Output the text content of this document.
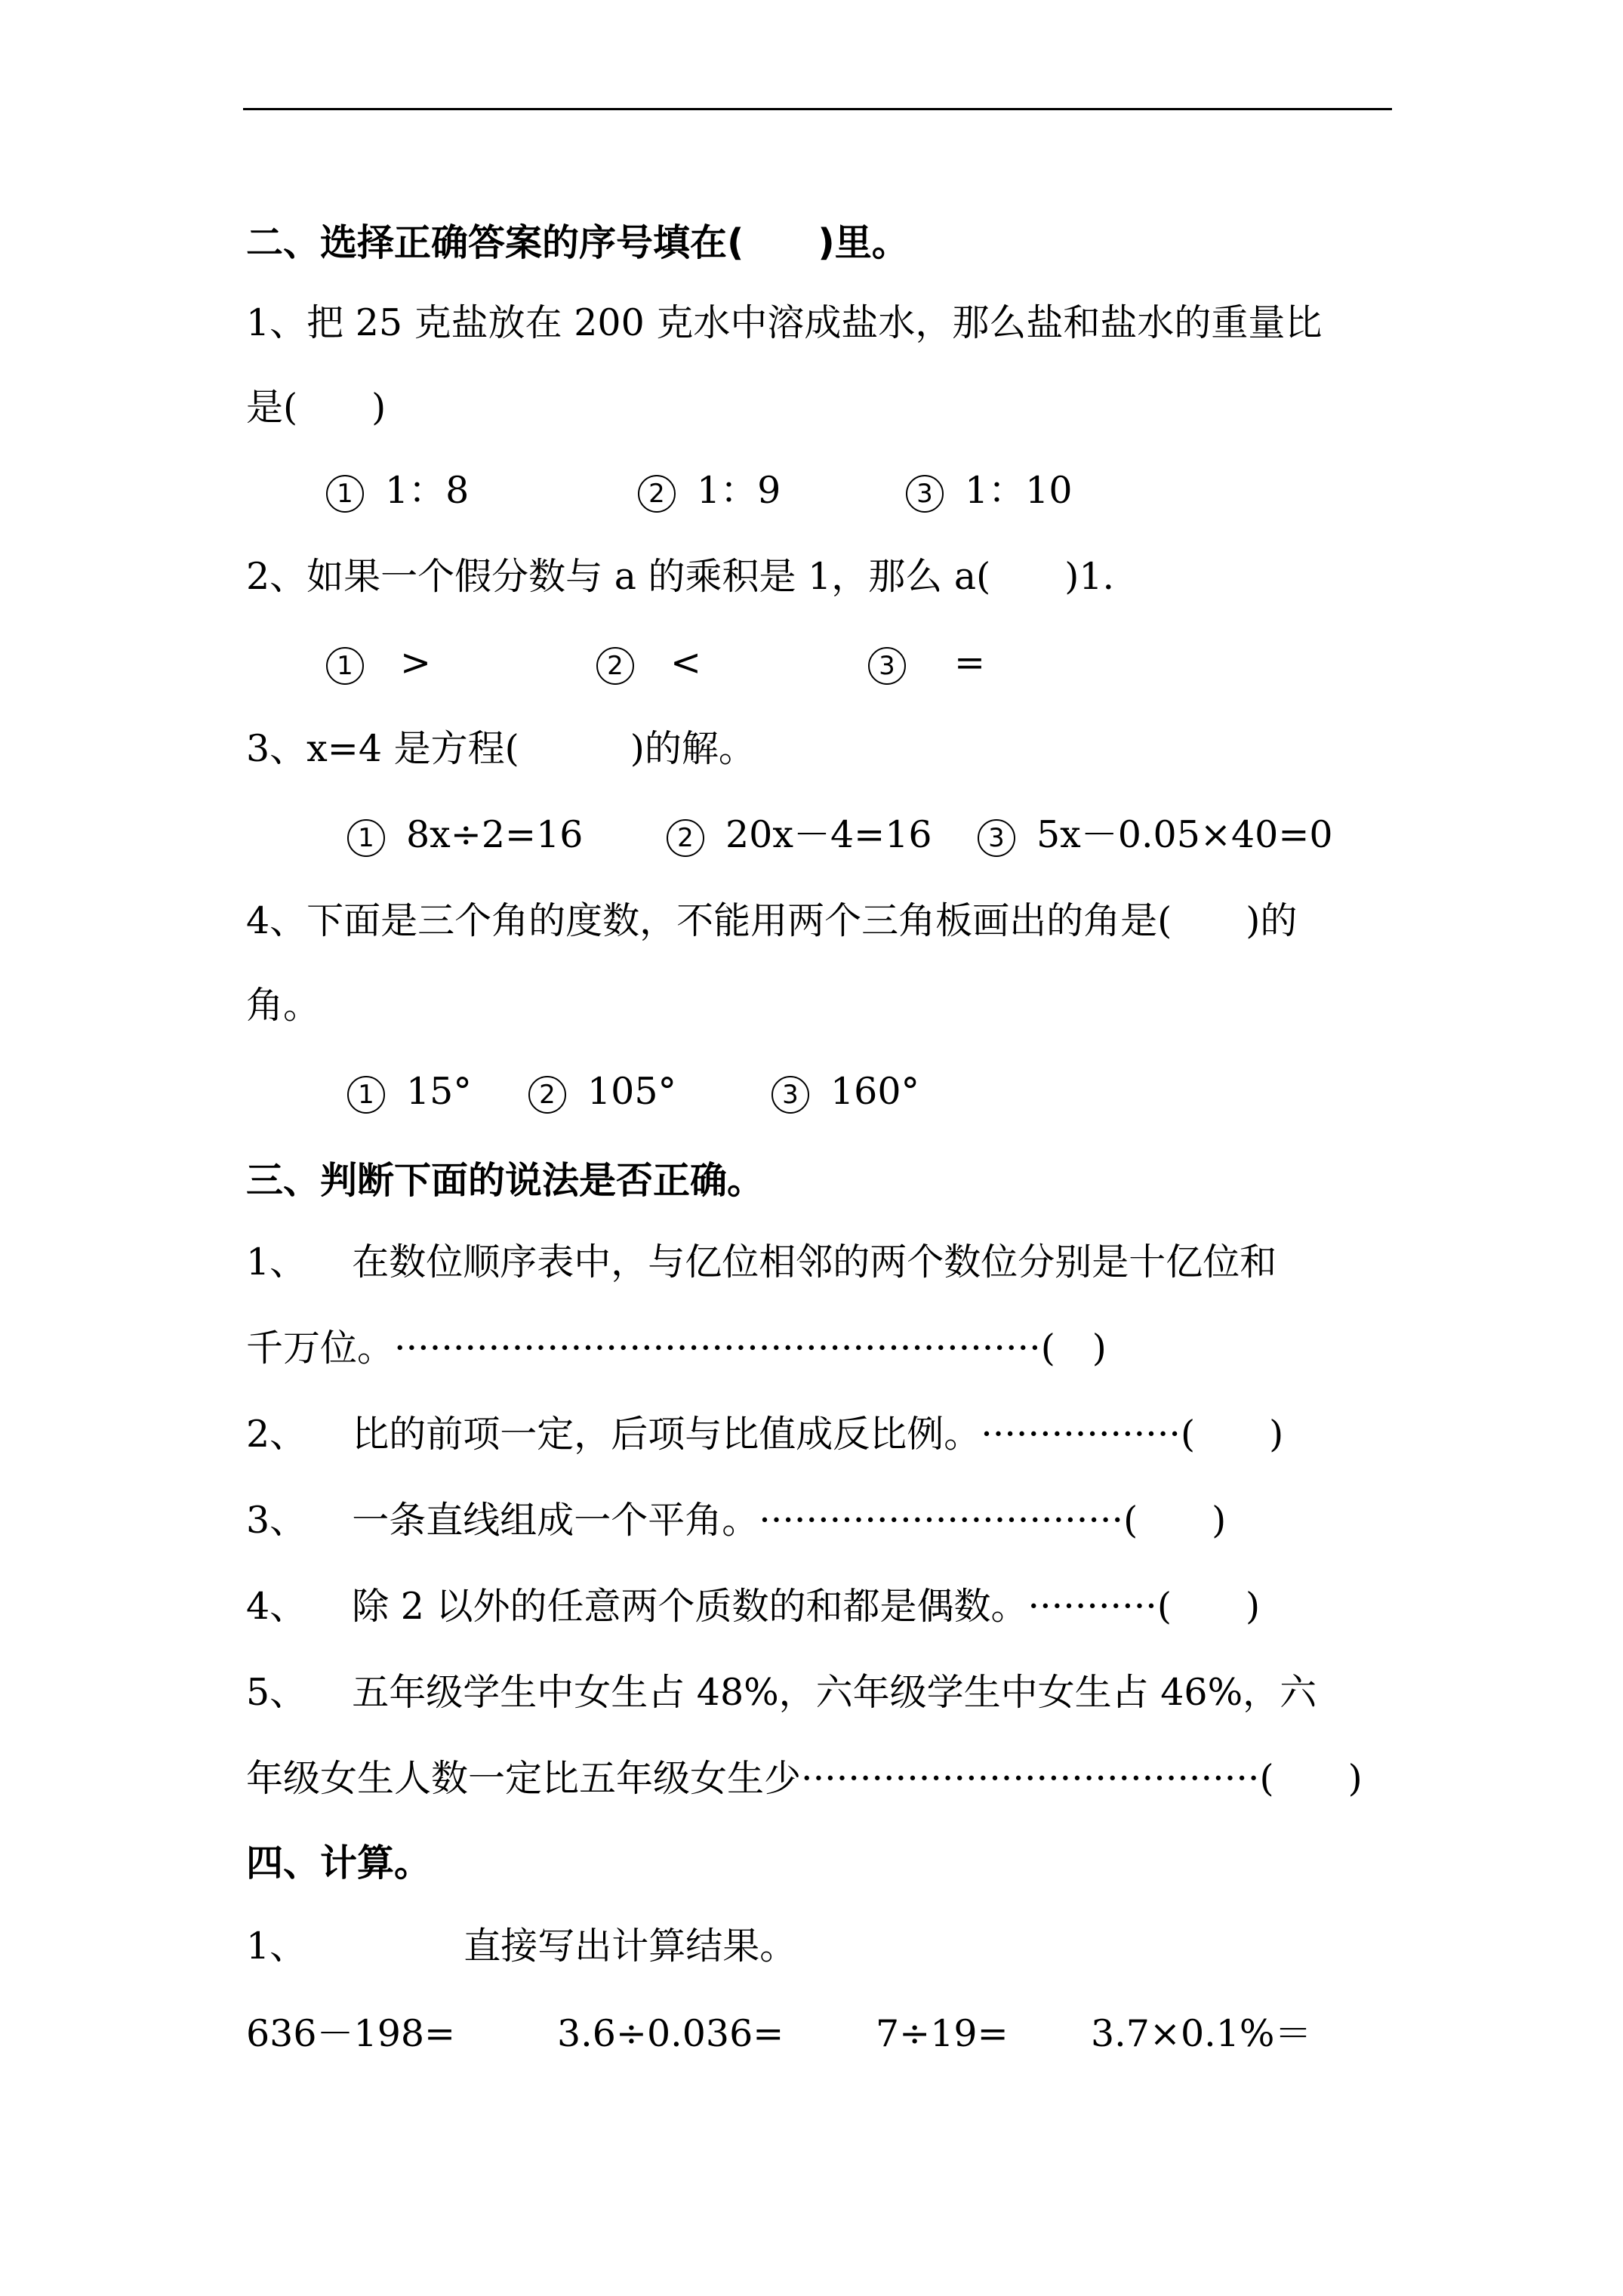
二、选择正确答案的序号填在(　　)里。
1、把 25 克盐放在 200 克水中溶成盐水，那么盐和盐水的重量比
是(　　)
1 1：8	2 1：9	3 1：10
2、如果一个假分数与 a 的乘积是 1，那么 a(　　)1.
1 >	2 <	3 =
3、x=4 是方程(　　　)的解。
1 8x÷2=16	2 20x－4=16	3 5x－0.05×40=0
4、下面是三个角的度数，不能用两个三角板画出的角是(　　)的
角。
1 15°	2 105°	3 160°
三、判断下面的说法是否正确。
1、 在数位顺序表中，与亿位相邻的两个数位分别是十亿位和
千万位。·······················································(　)
2、 比的前项一定，后项与比值成反比例。·················(　　)
3、 一条直线组成一个平角。·······························(　　)
4、 除 2 以外的任意两个质数的和都是偶数。···········(　　)
5、 五年级学生中女生占 48%，六年级学生中女生占 46%，六
年级女生人数一定比五年级女生少·······································(　　)
四、计算。
1、	直接写出计算结果。
636－198=	3.6÷0.036= 7÷19= 3.7×0.1%＝
